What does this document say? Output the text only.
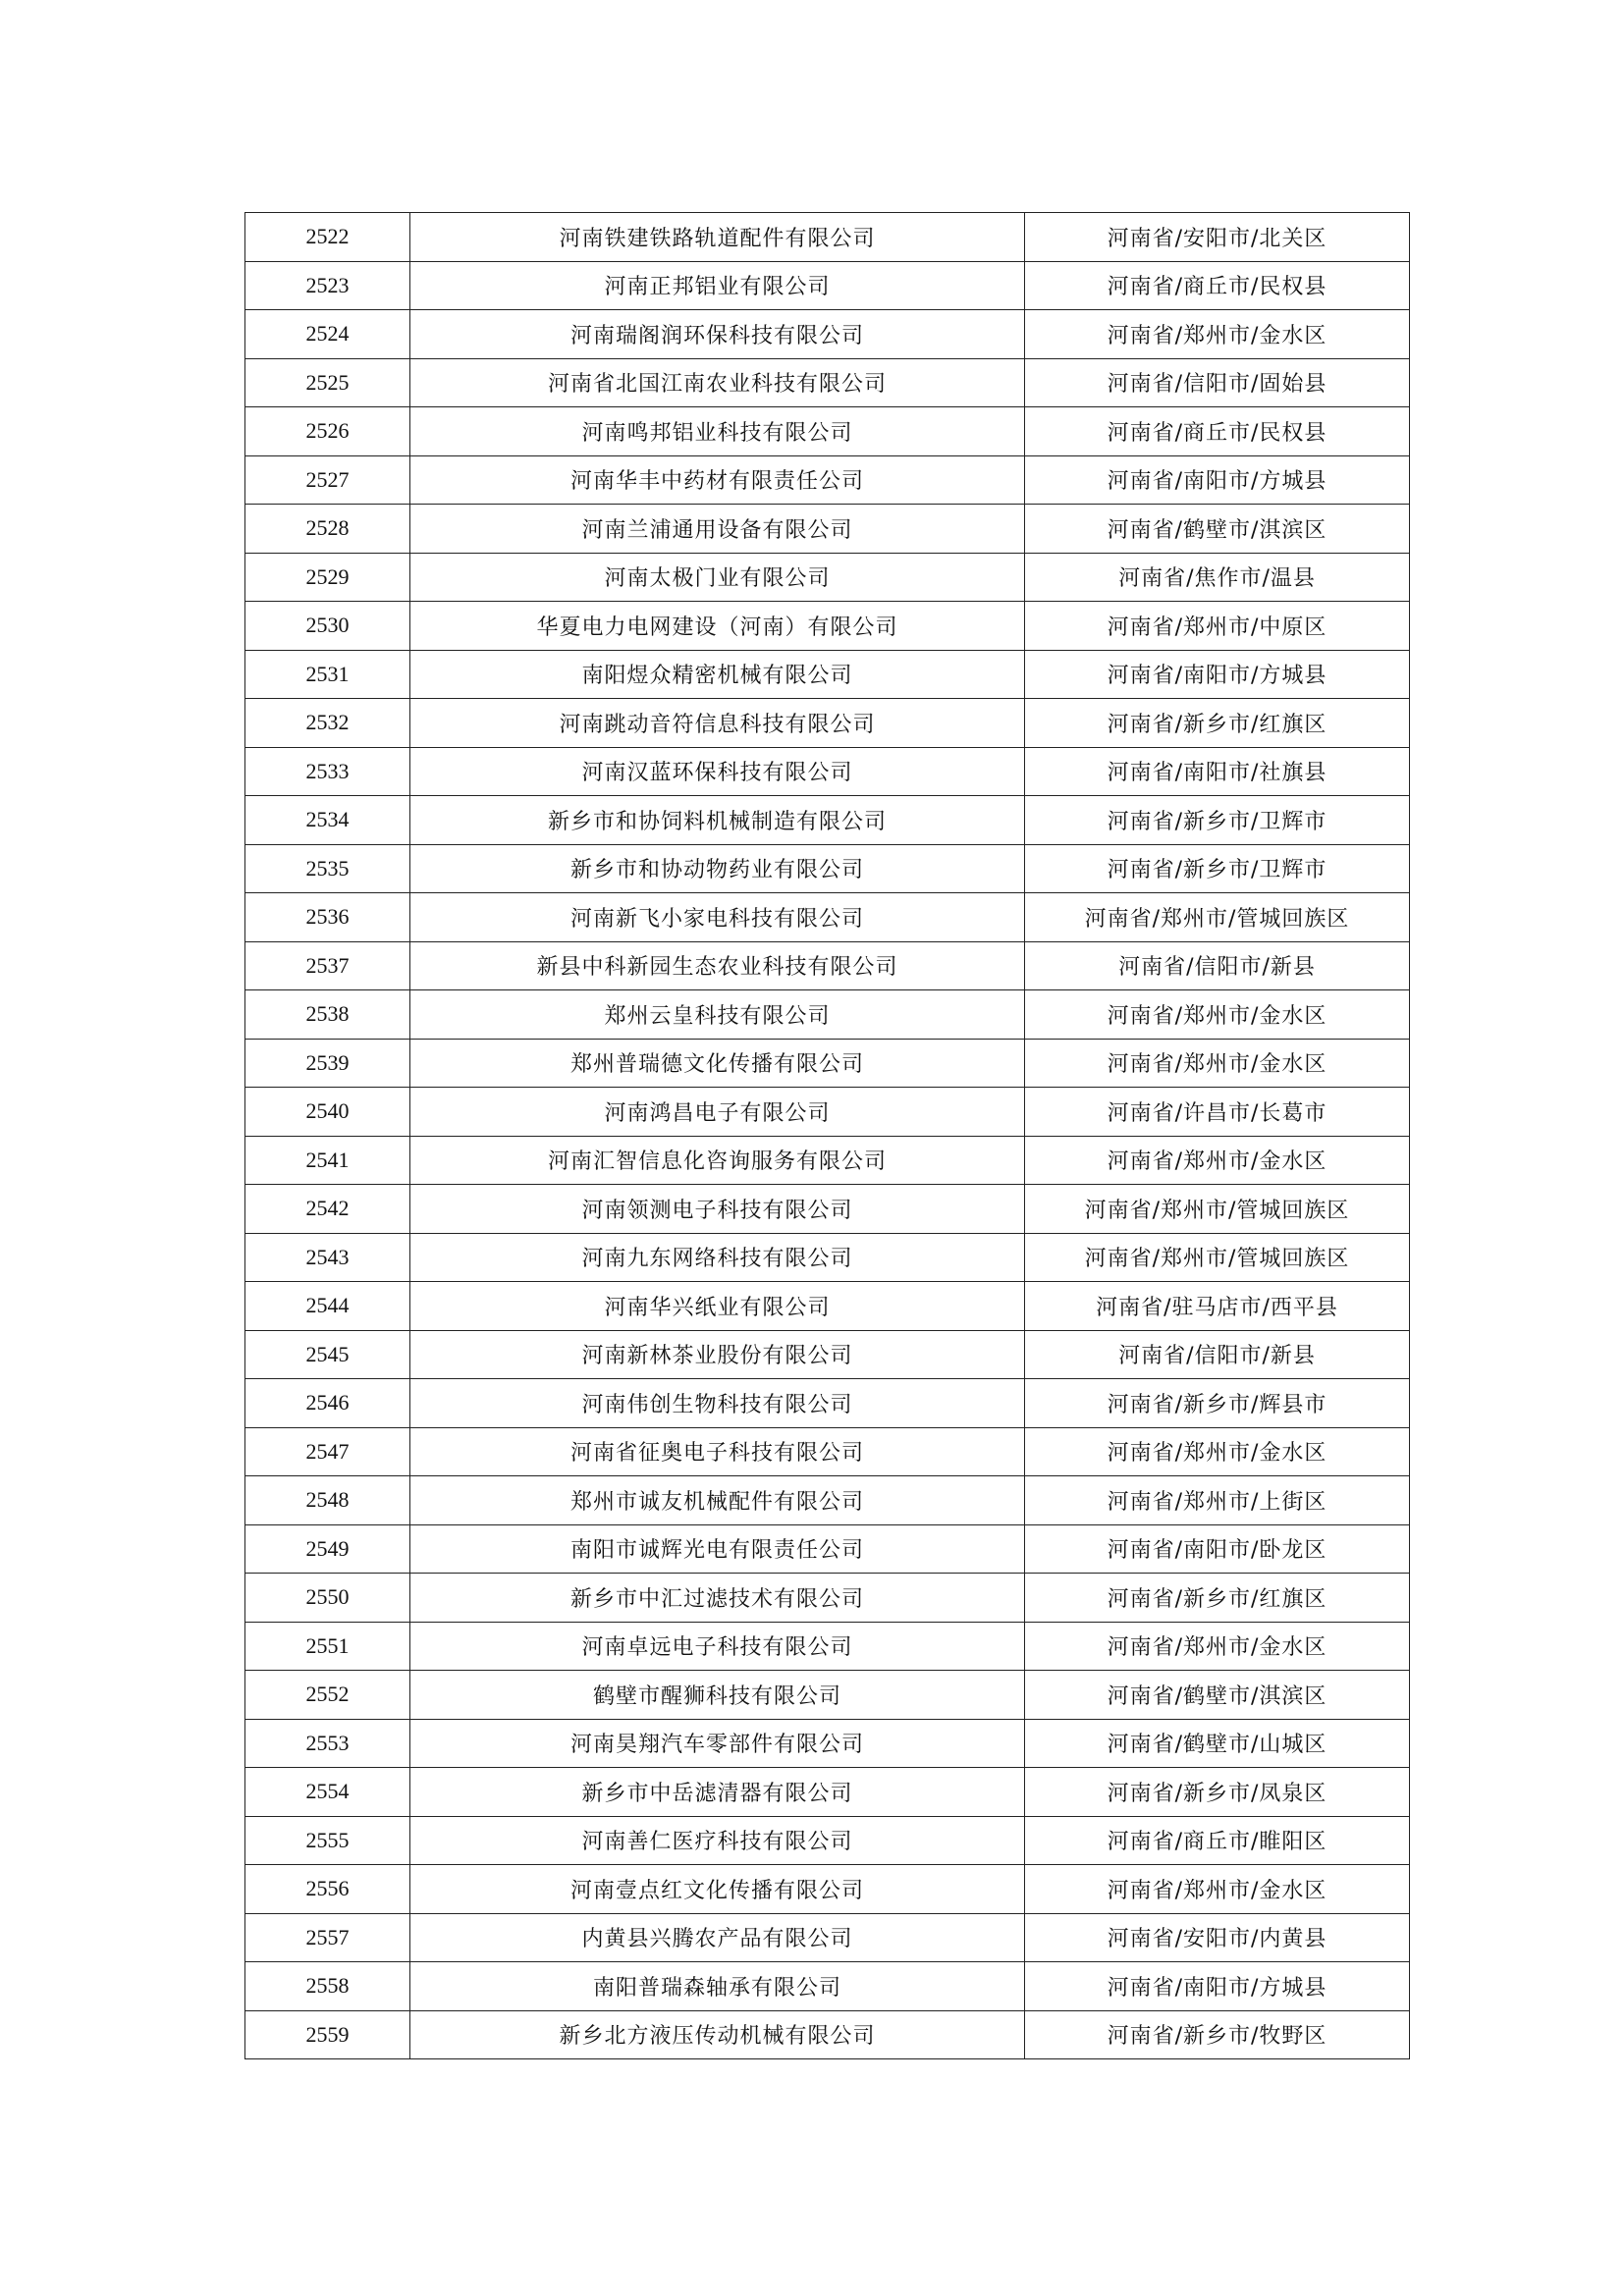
2522	河南铁建铁路轨道配件有限公司	河南省/安阳市/北关区
2523	河南正邦铝业有限公司	河南省/商丘市/民权县
2524	河南瑞阁润环保科技有限公司	河南省/郑州市/金水区
2525	河南省北国江南农业科技有限公司	河南省/信阳市/固始县
2526	河南鸣邦铝业科技有限公司	河南省/商丘市/民权县
2527	河南华丰中药材有限责任公司	河南省/南阳市/方城县
2528	河南兰浦通用设备有限公司	河南省/鹤壁市/淇滨区
2529	河南太极门业有限公司	河南省/焦作市/温县
2530	华夏电力电网建设（河南）有限公司	河南省/郑州市/中原区
2531	南阳煜众精密机械有限公司	河南省/南阳市/方城县
2532	河南跳动音符信息科技有限公司	河南省/新乡市/红旗区
2533	河南汉蓝环保科技有限公司	河南省/南阳市/社旗县
2534	新乡市和协饲料机械制造有限公司	河南省/新乡市/卫辉市
2535	新乡市和协动物药业有限公司	河南省/新乡市/卫辉市
2536	河南新飞小家电科技有限公司	河南省/郑州市/管城回族区
2537	新县中科新园生态农业科技有限公司	河南省/信阳市/新县
2538	郑州云皇科技有限公司	河南省/郑州市/金水区
2539	郑州普瑞德文化传播有限公司	河南省/郑州市/金水区
2540	河南鸿昌电子有限公司	河南省/许昌市/长葛市
2541	河南汇智信息化咨询服务有限公司	河南省/郑州市/金水区
2542	河南领测电子科技有限公司	河南省/郑州市/管城回族区
2543	河南九东网络科技有限公司	河南省/郑州市/管城回族区
2544	河南华兴纸业有限公司	河南省/驻马店市/西平县
2545	河南新林茶业股份有限公司	河南省/信阳市/新县
2546	河南伟创生物科技有限公司	河南省/新乡市/辉县市
2547	河南省征奥电子科技有限公司	河南省/郑州市/金水区
2548	郑州市诚友机械配件有限公司	河南省/郑州市/上街区
2549	南阳市诚辉光电有限责任公司	河南省/南阳市/卧龙区
2550	新乡市中汇过滤技术有限公司	河南省/新乡市/红旗区
2551	河南卓远电子科技有限公司	河南省/郑州市/金水区
2552	鹤壁市醒狮科技有限公司	河南省/鹤壁市/淇滨区
2553	河南昊翔汽车零部件有限公司	河南省/鹤壁市/山城区
2554	新乡市中岳滤清器有限公司	河南省/新乡市/凤泉区
2555	河南善仁医疗科技有限公司	河南省/商丘市/睢阳区
2556	河南壹点红文化传播有限公司	河南省/郑州市/金水区
2557	内黄县兴腾农产品有限公司	河南省/安阳市/内黄县
2558	南阳普瑞森轴承有限公司	河南省/南阳市/方城县
2559	新乡北方液压传动机械有限公司	河南省/新乡市/牧野区
